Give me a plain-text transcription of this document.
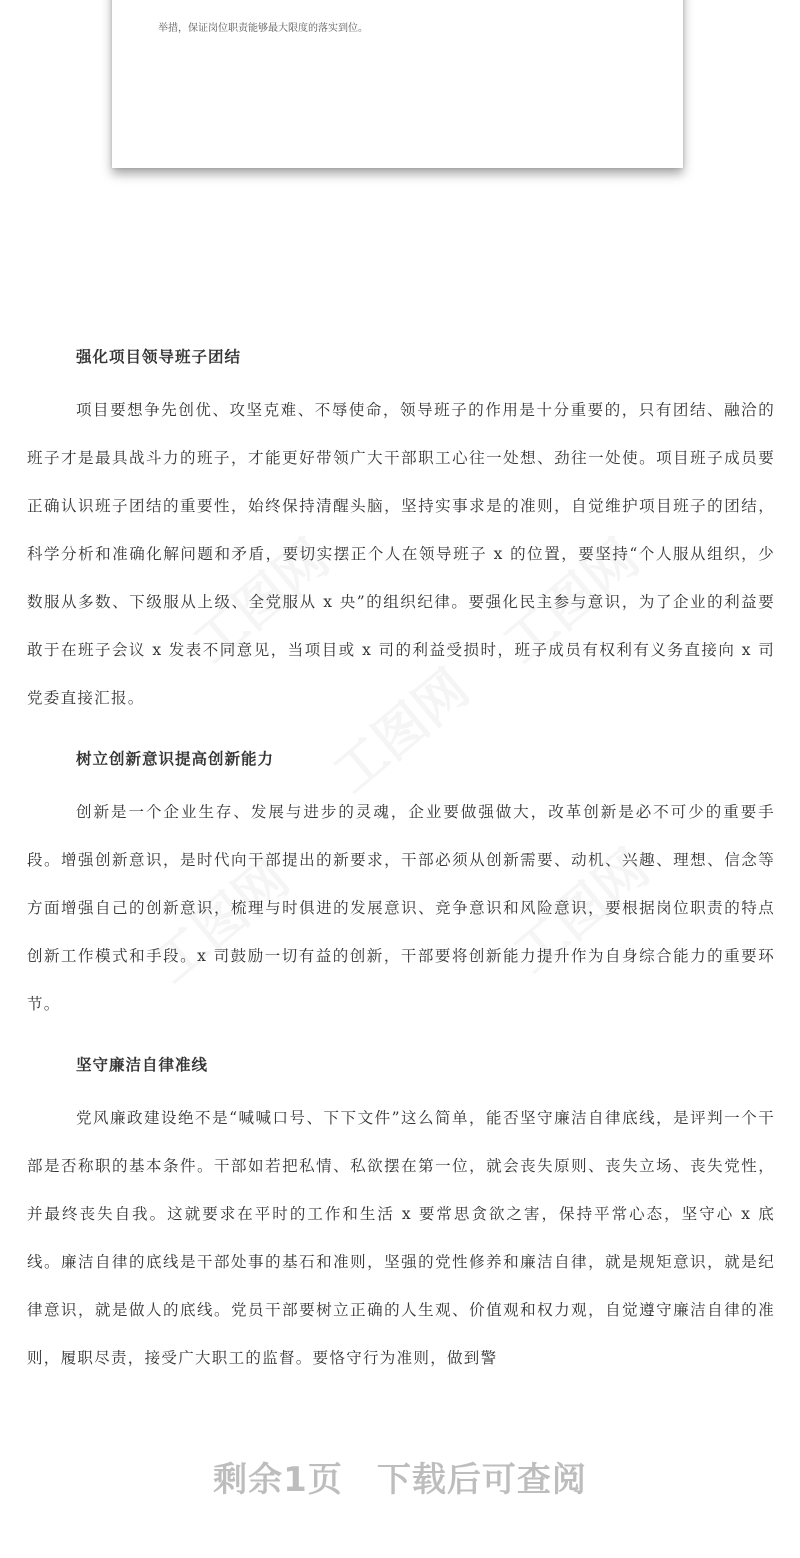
举措，保证岗位职责能够最大限度的落实到位。
工图网	工图网
工图网
工图网	工图网
强化项目领导班子团结

项目要想争先创优、攻坚克难、不辱使命，领导班子的作用是十分重要的，只有团结、融洽的班子才是最具战斗力的班子，才能更好带领广大干部职工心往一处想、劲往一处使。项目班子成员要正确认识班子团结的重要性，始终保持清醒头脑，坚持实事求是的准则，自觉维护项目班子的团结，科学分析和准确化解问题和矛盾，要切实摆正个人在领导班子 x 的位置，要坚持“个人服从组织，少数服从多数、下级服从上级、全党服从 x 央”的组织纪律。要强化民主参与意识，为了企业的利益要敢于在班子会议 x 发表不同意见，当项目或 x 司的利益受损时，班子成员有权利有义务直接向 x 司党委直接汇报。

树立创新意识提高创新能力

创新是一个企业生存、发展与进步的灵魂，企业要做强做大，改革创新是必不可少的重要手段。增强创新意识，是时代向干部提出的新要求，干部必须从创新需要、动机、兴趣、理想、信念等方面增强自己的创新意识，梳理与时俱进的发展意识、竞争意识和风险意识，要根据岗位职责的特点创新工作模式和手段。x 司鼓励一切有益的创新，干部要将创新能力提升作为自身综合能力的重要环节。

坚守廉洁自律准线

党风廉政建设绝不是“喊喊口号、下下文件”这么简单，能否坚守廉洁自律底线，是评判一个干部是否称职的基本条件。干部如若把私情、私欲摆在第一位，就会丧失原则、丧失立场、丧失党性，并最终丧失自我。这就要求在平时的工作和生活 x 要常思贪欲之害，保持平常心态，坚守心 x 底线。廉洁自律的底线是干部处事的基石和准则，坚强的党性修养和廉洁自律，就是规矩意识，就是纪律意识，就是做人的底线。党员干部要树立正确的人生观、价值观和权力观，自觉遵守廉洁自律的准则，履职尽责，接受广大职工的监督。要恪守行为准则，做到警

剩余1页 下载后可查阅
